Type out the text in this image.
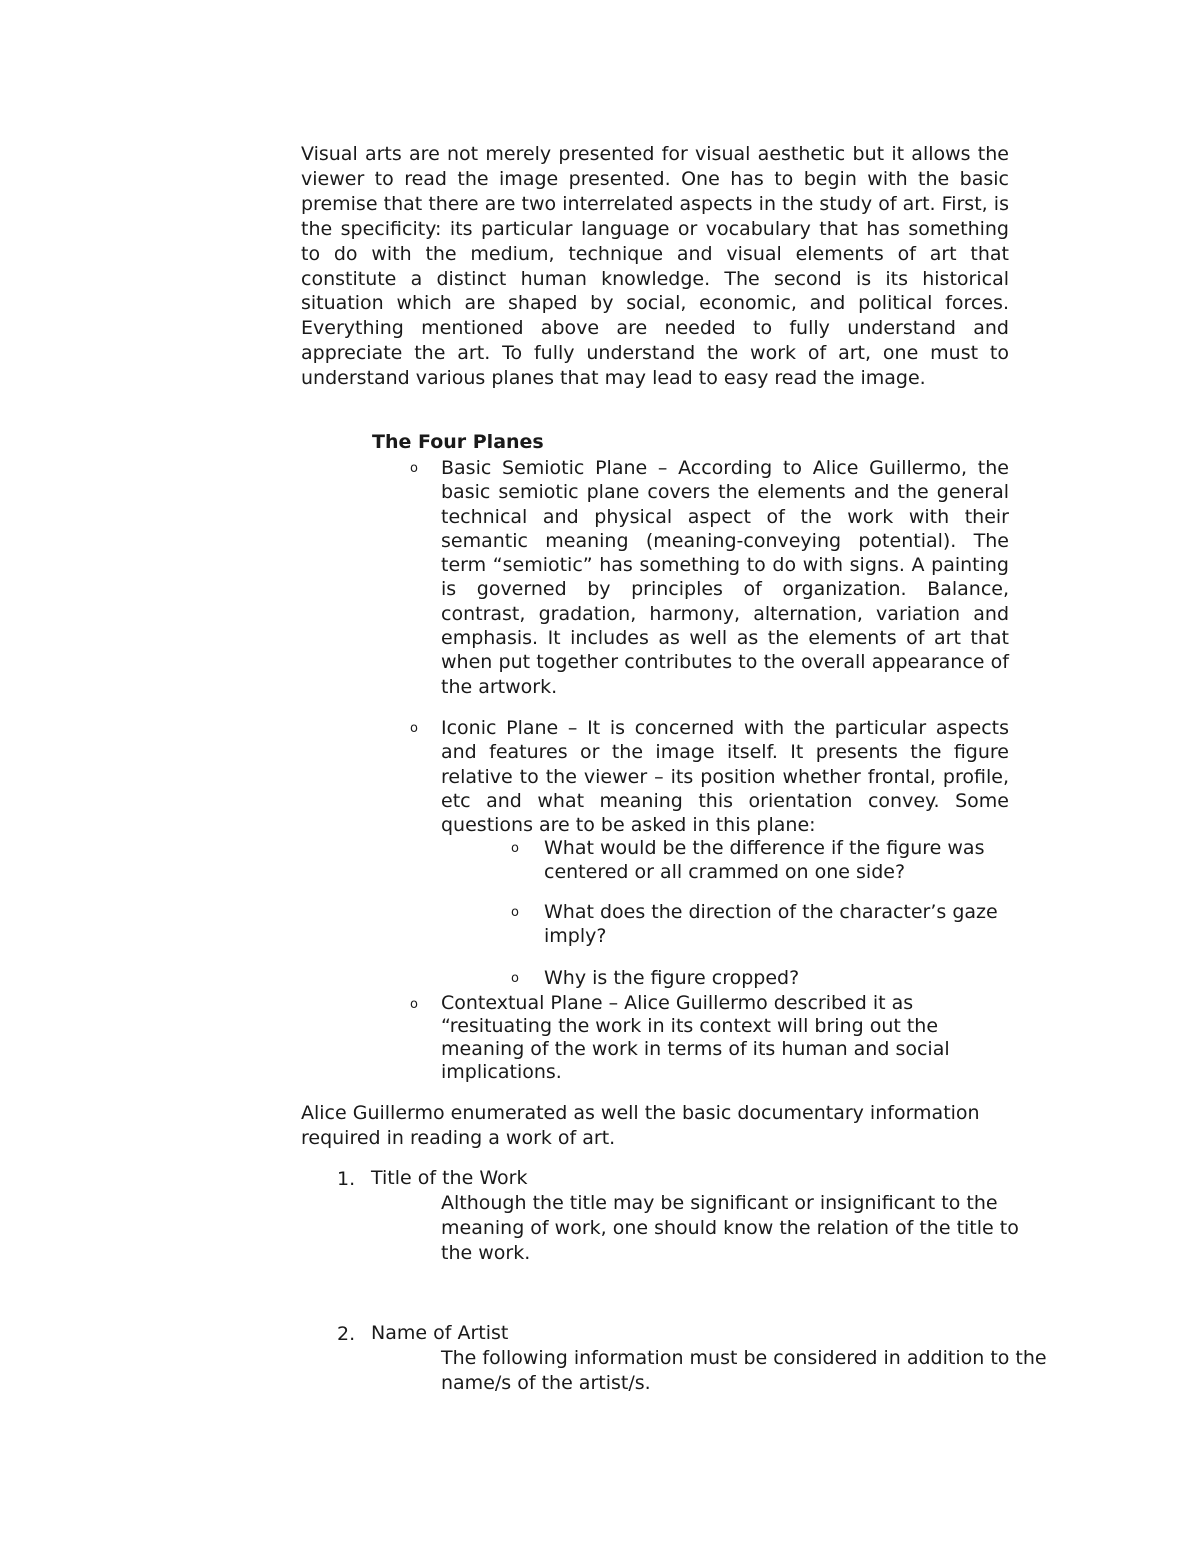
Visual arts are not merely presented for visual aesthetic but it allows the viewer to read the image presented. One has to begin with the basic premise that there are two interrelated aspects in the study of art. First, is the specificity: its particular language or vocabulary that has something to do with the medium, technique and visual elements of art that constitute a distinct human knowledge. The second is its historical situation which are shaped by social, economic, and political forces. Everything mentioned above are needed to fully understand and appreciate the art. To fully understand the work of art, one must to understand various planes that may lead to easy read the image.

The Four Planes

o	Basic Semiotic Plane – According to Alice Guillermo, the basic semiotic plane covers the elements and the general technical and physical aspect of the work with their semantic meaning (meaning-conveying potential). The term “semiotic” has something to do with signs. A painting is governed by principles of organization. Balance, contrast, gradation, harmony, alternation, variation and emphasis. It includes as well as the elements of art that when put together contributes to the overall appearance of the artwork.

o	Iconic Plane – It is concerned with the particular aspects and features or the image itself. It presents the figure relative to the viewer – its position whether frontal, profile, etc and what meaning this orientation convey. Some questions are to be asked in this plane:

o	What would be the difference if the figure was centered or all crammed on one side?

o	What does the direction of the character’s gaze imply?

o	Why is the figure cropped?

o	Contextual Plane – Alice Guillermo described it as “resituating the work in its context will bring out the meaning of the work in terms of its human and social implications.

Alice Guillermo enumerated as well the basic documentary information required in reading a work of art.

1. Title of the Work

Although the title may be significant or insignificant to the meaning of work, one should know the relation of the title to the work.

2. Name of Artist

The following information must be considered in addition to the name/s of the artist/s.
